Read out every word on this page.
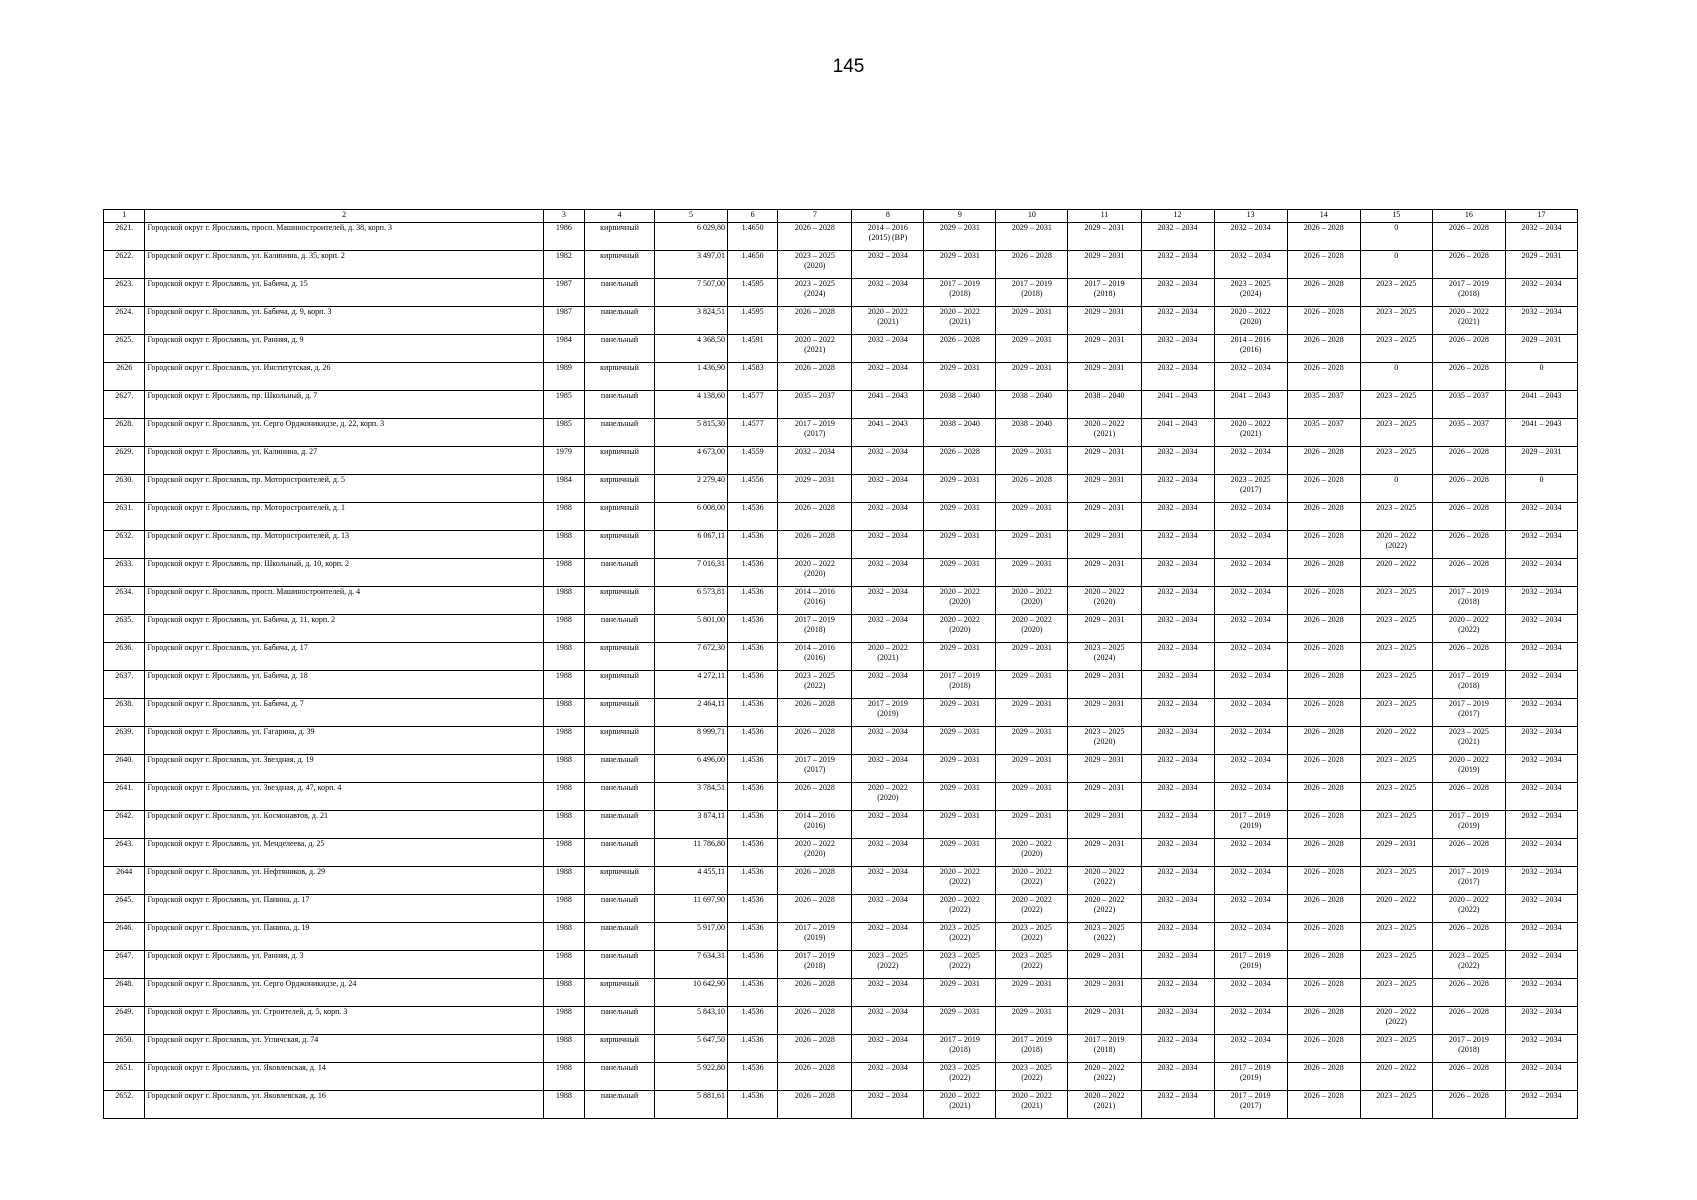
145
1	2	3	4	5	6	7	8	9	10	11	12	13	14	15	16	17
2621.	Городской округ г. Ярославль, просп. Машиностроителей, д. 38, корп. 3	1986	кирпичный	6 029,80	1.4650	2026 – 2028	2014 – 2016
(2015) (ВР)	2029 – 2031	2029 – 2031	2029 – 2031	2032 – 2034	2032 – 2034	2026 – 2028	0	2026 – 2028	2032 – 2034
2622.	Городской округ г. Ярославль, ул. Калинина, д. 35, корп. 2	1982	кирпичный	3 497,01	1.4650	2023 – 2025
(2020)	2032 – 2034	2029 – 2031	2026 – 2028	2029 – 2031	2032 – 2034	2032 – 2034	2026 – 2028	0	2026 – 2028	2029 – 2031
2623.	Городской округ г. Ярославль, ул. Бабича, д. 15	1987	панельный	7 507,00	1.4595	2023 – 2025
(2024)	2032 – 2034	2017 – 2019
(2018)	2017 – 2019
(2018)	2017 – 2019
(2018)	2032 – 2034	2023 – 2025
(2024)	2026 – 2028	2023 – 2025	2017 – 2019
(2018)	2032 – 2034
2624.	Городской округ г. Ярославль, ул. Бабича, д. 9, корп. 3	1987	панельный	3 824,51	1.4595	2026 – 2028	2020 – 2022
(2021)	2020 – 2022
(2021)	2029 – 2031	2029 – 2031	2032 – 2034	2020 – 2022
(2020)	2026 – 2028	2023 – 2025	2020 – 2022
(2021)	2032 – 2034
2625.	Городской округ г. Ярославль, ул. Ранняя, д. 9	1984	панельный	4 368,50	1.4591	2020 – 2022
(2021)	2032 – 2034	2026 – 2028	2029 – 2031	2029 – 2031	2032 – 2034	2014 – 2016
(2016)	2026 – 2028	2023 – 2025	2026 – 2028	2029 – 2031
2626	Городской округ г. Ярославль, ул. Институтская, д. 26	1989	кирпичный	1 436,90	1.4583	2026 – 2028	2032 – 2034	2029 – 2031	2029 – 2031	2029 – 2031	2032 – 2034	2032 – 2034	2026 – 2028	0	2026 – 2028	0
2627.	Городской округ г. Ярославль, пр. Школьный, д. 7	1985	панельный	4 138,60	1.4577	2035 – 2037	2041 – 2043	2038 – 2040	2038 – 2040	2038 – 2040	2041 – 2043	2041 – 2043	2035 – 2037	2023 – 2025	2035 – 2037	2041 – 2043
2628.	Городской округ г. Ярославль, ул. Серго Орджоникидзе, д. 22, корп. 3	1985	панельный	5 815,30	1.4577	2017 – 2019
(2017)	2041 – 2043	2038 – 2040	2038 – 2040	2020 – 2022
(2021)	2041 – 2043	2020 – 2022
(2021)	2035 – 2037	2023 – 2025	2035 – 2037	2041 – 2043
2629.	Городской округ г. Ярославль, ул. Калинина, д. 27	1979	кирпичный	4 673,00	1.4559	2032 – 2034	2032 – 2034	2026 – 2028	2029 – 2031	2029 – 2031	2032 – 2034	2032 – 2034	2026 – 2028	2023 – 2025	2026 – 2028	2029 – 2031
2630.	Городской округ г. Ярославль, пр. Моторостроителей, д. 5	1984	кирпичный	2 279,40	1.4556	2029 – 2031	2032 – 2034	2029 – 2031	2026 – 2028	2029 – 2031	2032 – 2034	2023 – 2025
(2017)	2026 – 2028	0	2026 – 2028	0
2631.	Городской округ г. Ярославль, пр. Моторостроителей, д. 1	1988	кирпичный	6 008,00	1.4536	2026 – 2028	2032 – 2034	2029 – 2031	2029 – 2031	2029 – 2031	2032 – 2034	2032 – 2034	2026 – 2028	2023 – 2025	2026 – 2028	2032 – 2034
2632.	Городской округ г. Ярославль, пр. Моторостроителей, д. 13	1988	кирпичный	6 067,11	1.4536	2026 – 2028	2032 – 2034	2029 – 2031	2029 – 2031	2029 – 2031	2032 – 2034	2032 – 2034	2026 – 2028	2020 – 2022
(2022)	2026 – 2028	2032 – 2034
2633.	Городской округ г. Ярославль, пр. Школьный, д. 10, корп. 2	1988	панельный	7 016,31	1.4536	2020 – 2022
(2020)	2032 – 2034	2029 – 2031	2029 – 2031	2029 – 2031	2032 – 2034	2032 – 2034	2026 – 2028	2020 – 2022	2026 – 2028	2032 – 2034
2634.	Городской округ г. Ярославль, просп. Машиностроителей, д. 4	1988	кирпичный	6 573,81	1.4536	2014 – 2016
(2016)	2032 – 2034	2020 – 2022
(2020)	2020 – 2022
(2020)	2020 – 2022
(2020)	2032 – 2034	2032 – 2034	2026 – 2028	2023 – 2025	2017 – 2019
(2018)	2032 – 2034
2635.	Городской округ г. Ярославль, ул. Бабича, д. 11, корп. 2	1988	панельный	5 801,00	1.4536	2017 – 2019
(2018)	2032 – 2034	2020 – 2022
(2020)	2020 – 2022
(2020)	2029 – 2031	2032 – 2034	2032 – 2034	2026 – 2028	2023 – 2025	2020 – 2022
(2022)	2032 – 2034
2636.	Городской округ г. Ярославль, ул. Бабича, д. 17	1988	кирпичный	7 672,30	1.4536	2014 – 2016
(2016)	2020 – 2022
(2021)	2029 – 2031	2029 – 2031	2023 – 2025
(2024)	2032 – 2034	2032 – 2034	2026 – 2028	2023 – 2025	2026 – 2028	2032 – 2034
2637.	Городской округ г. Ярославль, ул. Бабича, д. 18	1988	кирпичный	4 272,11	1.4536	2023 – 2025
(2022)	2032 – 2034	2017 – 2019
(2018)	2029 – 2031	2029 – 2031	2032 – 2034	2032 – 2034	2026 – 2028	2023 – 2025	2017 – 2019
(2018)	2032 – 2034
2638.	Городской округ г. Ярославль, ул. Бабича, д. 7	1988	кирпичный	2 464,11	1.4536	2026 – 2028	2017 – 2019
(2019)	2029 – 2031	2029 – 2031	2029 – 2031	2032 – 2034	2032 – 2034	2026 – 2028	2023 – 2025	2017 – 2019
(2017)	2032 – 2034
2639.	Городской округ г. Ярославль, ул. Гагарина, д. 39	1988	кирпичный	8 999,71	1.4536	2026 – 2028	2032 – 2034	2029 – 2031	2029 – 2031	2023 – 2025
(2020)	2032 – 2034	2032 – 2034	2026 – 2028	2020 – 2022	2023 – 2025
(2021)	2032 – 2034
2640.	Городской округ г. Ярославль, ул. Звездная, д. 19	1988	панельный	6 496,00	1.4536	2017 – 2019
(2017)	2032 – 2034	2029 – 2031	2029 – 2031	2029 – 2031	2032 – 2034	2032 – 2034	2026 – 2028	2023 – 2025	2020 – 2022
(2019)	2032 – 2034
2641.	Городской округ г. Ярославль, ул. Звездная, д. 47, корп. 4	1988	панельный	3 784,51	1.4536	2026 – 2028	2020 – 2022
(2020)	2029 – 2031	2029 – 2031	2029 – 2031	2032 – 2034	2032 – 2034	2026 – 2028	2023 – 2025	2026 – 2028	2032 – 2034
2642.	Городской округ г. Ярославль, ул. Космонавтов, д. 21	1988	панельный	3 874,11	1.4536	2014 – 2016
(2016)	2032 – 2034	2029 – 2031	2029 – 2031	2029 – 2031	2032 – 2034	2017 – 2019
(2019)	2026 – 2028	2023 – 2025	2017 – 2019
(2019)	2032 – 2034
2643.	Городской округ г. Ярославль, ул. Менделеева, д. 25	1988	панельный	11 786,80	1.4536	2020 – 2022
(2020)	2032 – 2034	2029 – 2031	2020 – 2022
(2020)	2029 – 2031	2032 – 2034	2032 – 2034	2026 – 2028	2029 – 2031	2026 – 2028	2032 – 2034
2644	Городской округ г. Ярославль, ул. Нефтяников, д. 29	1988	кирпичный	4 455,11	1.4536	2026 – 2028	2032 – 2034	2020 – 2022
(2022)	2020 – 2022
(2022)	2020 – 2022
(2022)	2032 – 2034	2032 – 2034	2026 – 2028	2023 – 2025	2017 – 2019
(2017)	2032 – 2034
2645.	Городской округ г. Ярославль, ул. Панина, д. 17	1988	панельный	11 697,90	1.4536	2026 – 2028	2032 – 2034	2020 – 2022
(2022)	2020 – 2022
(2022)	2020 – 2022
(2022)	2032 – 2034	2032 – 2034	2026 – 2028	2020 – 2022	2020 – 2022
(2022)	2032 – 2034
2646.	Городской округ г. Ярославль, ул. Панина, д. 19	1988	панельный	5 917,00	1.4536	2017 – 2019
(2019)	2032 – 2034	2023 – 2025
(2022)	2023 – 2025
(2022)	2023 – 2025
(2022)	2032 – 2034	2032 – 2034	2026 – 2028	2023 – 2025	2026 – 2028	2032 – 2034
2647.	Городской округ г. Ярославль, ул. Ранняя, д. 3	1988	панельный	7 634,31	1.4536	2017 – 2019
(2018)	2023 – 2025
(2022)	2023 – 2025
(2022)	2023 – 2025
(2022)	2029 – 2031	2032 – 2034	2017 – 2019
(2019)	2026 – 2028	2023 – 2025	2023 – 2025
(2022)	2032 – 2034
2648.	Городской округ г. Ярославль, ул. Серго Орджоникидзе, д. 24	1988	кирпичный	10 642,90	1.4536	2026 – 2028	2032 – 2034	2029 – 2031	2029 – 2031	2029 – 2031	2032 – 2034	2032 – 2034	2026 – 2028	2023 – 2025	2026 – 2028	2032 – 2034
2649.	Городской округ г. Ярославль, ул. Строителей, д. 5, корп. 3	1988	панельный	5 843,10	1.4536	2026 – 2028	2032 – 2034	2029 – 2031	2029 – 2031	2029 – 2031	2032 – 2034	2032 – 2034	2026 – 2028	2020 – 2022
(2022)	2026 – 2028	2032 – 2034
2650.	Городской округ г. Ярославль, ул. Угличская, д. 74	1988	кирпичный	5 647,50	1.4536	2026 – 2028	2032 – 2034	2017 – 2019
(2018)	2017 – 2019
(2018)	2017 – 2019
(2018)	2032 – 2034	2032 – 2034	2026 – 2028	2023 – 2025	2017 – 2019
(2018)	2032 – 2034
2651.	Городской округ г. Ярославль, ул. Яковлевская, д. 14	1988	панельный	5 922,80	1.4536	2026 – 2028	2032 – 2034	2023 – 2025
(2022)	2023 – 2025
(2022)	2020 – 2022
(2022)	2032 – 2034	2017 – 2019
(2019)	2026 – 2028	2020 – 2022	2026 – 2028	2032 – 2034
2652.	Городской округ г. Ярославль, ул. Яковлевская, д. 16	1988	панельный	5 881,61	1.4536	2026 – 2028	2032 – 2034	2020 – 2022
(2021)	2020 – 2022
(2021)	2020 – 2022
(2021)	2032 – 2034	2017 – 2019
(2017)	2026 – 2028	2023 – 2025	2026 – 2028	2032 – 2034
